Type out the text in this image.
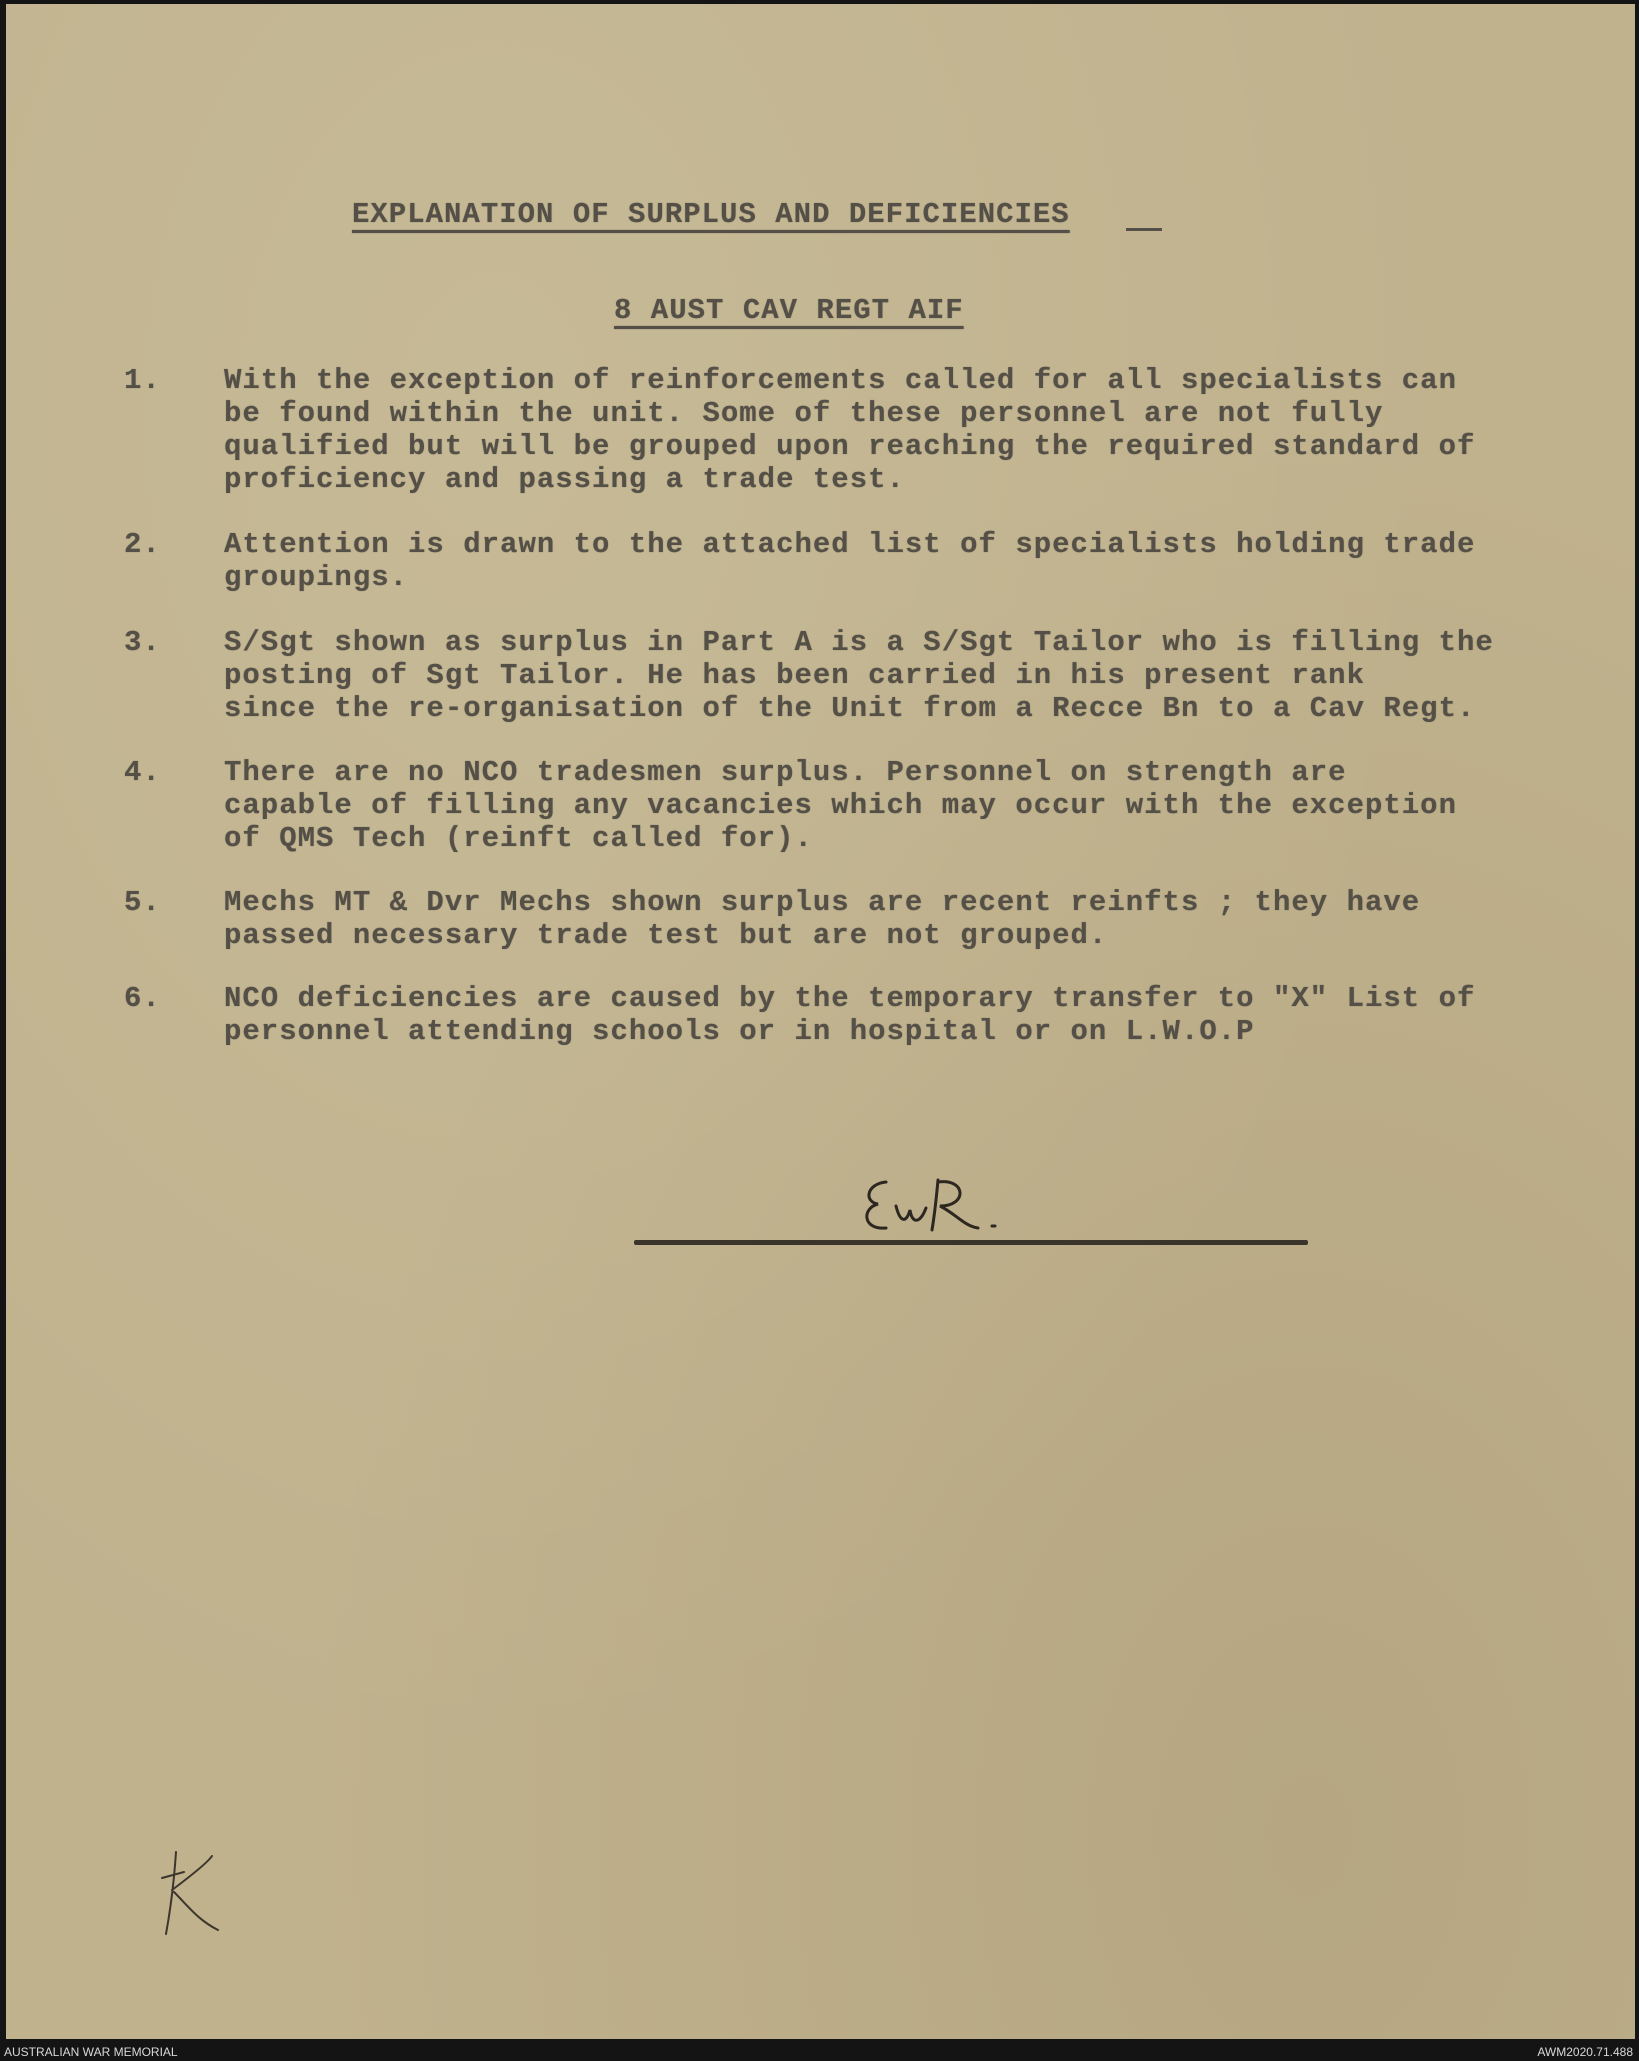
EXPLANATION OF SURPLUS AND DEFICIENCIES
8 AUST CAV REGT AIF
1. With the exception of reinforcements called for all specialists can
be found within the unit. Some of these personnel are not fully
qualified but will be grouped upon reaching the required standard of
proficiency and passing a trade test.
2. Attention is drawn to the attached list of specialists holding trade
groupings.
3. S/Sgt shown as surplus in Part A is a S/Sgt Tailor who is filling the
posting of Sgt Tailor. He has been carried in his present rank
since the re-organisation of the Unit from a Recce Bn to a Cav Regt.
4. There are no NCO tradesmen surplus. Personnel on strength are
capable of filling any vacancies which may occur with the exception
of QMS Tech (reinft called for).
5. Mechs MT & Dvr Mechs shown surplus are recent reinfts ; they have
passed necessary trade test but are not grouped.
6. NCO deficiencies are caused by the temporary transfer to "X" List of
personnel attending schools or in hospital or on L.W.O.P
AUSTRALIAN WAR MEMORIAL	AWM2020.71.488
